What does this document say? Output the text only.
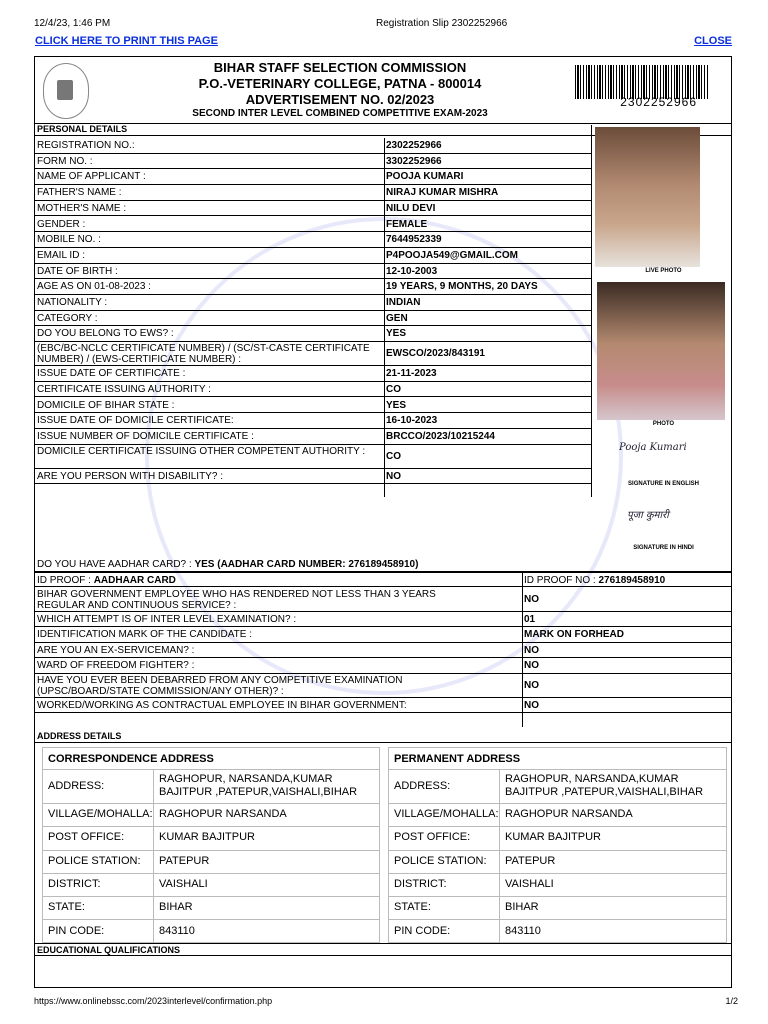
12/4/23, 1:46 PM	Registration Slip 2302252966
CLICK HERE TO PRINT THIS PAGE	CLOSE
BIHAR STAFF SELECTION COMMISSION
P.O.-VETERINARY COLLEGE, PATNA - 800014
ADVERTISEMENT NO. 02/2023
SECOND INTER LEVEL COMBINED COMPETITIVE EXAM-2023
2302252966
PERSONAL DETAILS
REGISTRATION NO.:	2302252966
FORM NO. :	3302252966
NAME OF APPLICANT :	POOJA KUMARI
FATHER'S NAME :	NIRAJ KUMAR MISHRA
MOTHER'S NAME :	NILU DEVI
GENDER :	FEMALE
MOBILE NO. :	7644952339
EMAIL ID :	P4POOJA549@GMAIL.COM
DATE OF BIRTH :	12-10-2003
AGE AS ON 01-08-2023 :	19 YEARS, 9 MONTHS, 20 DAYS
NATIONALITY :	INDIAN
CATEGORY :	GEN
DO YOU BELONG TO EWS? :	YES
(EBC/BC-NCLC CERTIFICATE NUMBER) / (SC/ST-CASTE CERTIFICATE NUMBER) / (EWS-CERTIFICATE NUMBER) :
EWSCO/2023/843191
ISSUE DATE OF CERTIFICATE :	21-11-2023
CERTIFICATE ISSUING AUTHORITY :	CO
DOMICILE OF BIHAR STATE :	YES
ISSUE DATE OF DOMICILE CERTIFICATE:	16-10-2023
ISSUE NUMBER OF DOMICILE CERTIFICATE :	BRCCO/2023/10215244
DOMICILE CERTIFICATE ISSUING OTHER COMPETENT AUTHORITY :	CO
ARE YOU PERSON WITH DISABILITY? :	NO
LIVE PHOTO
PHOTO
Pooja Kumari
SIGNATURE IN ENGLISH
पूजा कुमारी
SIGNATURE IN HINDI
DO YOU HAVE AADHAR CARD? : YES (AADHAR CARD NUMBER: 276189458910)
ID PROOF : AADHAAR CARD	ID PROOF NO : 276189458910
BIHAR GOVERNMENT EMPLOYEE WHO HAS RENDERED NOT LESS THAN 3 YEARS REGULAR AND CONTINUOUS SERVICE? :
NO
WHICH ATTEMPT IS OF INTER LEVEL EXAMINATION? :	01
IDENTIFICATION MARK OF THE CANDIDATE :	MARK ON FORHEAD
ARE YOU AN EX-SERVICEMAN? :	NO
WARD OF FREEDOM FIGHTER? :	NO
HAVE YOU EVER BEEN DEBARRED FROM ANY COMPETITIVE EXAMINATION (UPSC/BOARD/STATE COMMISSION/ANY OTHER)? :
NO
WORKED/WORKING AS CONTRACTUAL EMPLOYEE IN BIHAR GOVERNMENT:	NO
ADDRESS DETAILS
CORRESPONDENCE ADDRESS
ADDRESS:
RAGHOPUR, NARSANDA,KUMAR BAJITPUR ,PATEPUR,VAISHALI,BIHAR
VILLAGE/MOHALLA: RAGHOPUR NARSANDA
POST OFFICE:	KUMAR BAJITPUR
POLICE STATION: PATEPUR
DISTRICT:	VAISHALI
STATE:	BIHAR
PIN CODE:	843110
PERMANENT ADDRESS
ADDRESS:
RAGHOPUR, NARSANDA,KUMAR BAJITPUR ,PATEPUR,VAISHALI,BIHAR
VILLAGE/MOHALLA: RAGHOPUR NARSANDA
POST OFFICE:	KUMAR BAJITPUR
POLICE STATION: PATEPUR
DISTRICT:	VAISHALI
STATE:	BIHAR
PIN CODE:	843110
EDUCATIONAL QUALIFICATIONS
https://www.onlinebssc.com/2023interlevel/confirmation.php	1/2
